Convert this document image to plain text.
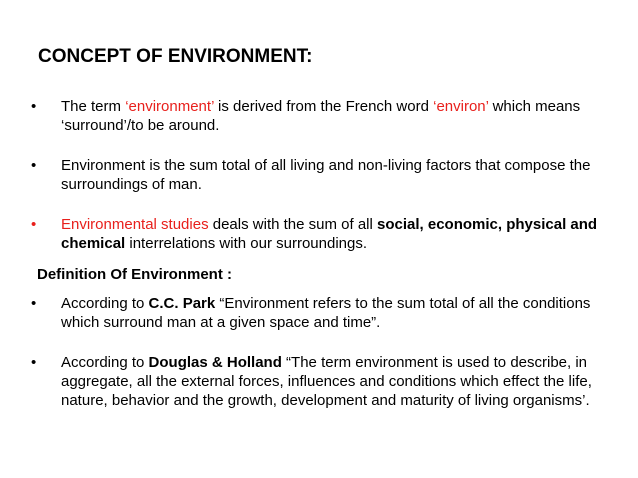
CONCEPT OF ENVIRONMENT:
•	The term ‘environment’ is derived from the French word ‘environ’ which means ‘surround’/to be around.
•	Environment is the sum total of all living and non-living factors that compose the surroundings of man.
•	Environmental studies deals with the sum of all social, economic, physical and chemical interrelations with our surroundings.
Definition Of Environment :
•	According to C.C. Park “Environment refers to the sum total of all the conditions which surround man at a given space and time”.
•	According to Douglas & Holland “The term environment is used to describe, in aggregate, all the external forces, influences and conditions which effect the life, nature, behavior and the growth, development and maturity of living organisms’.
